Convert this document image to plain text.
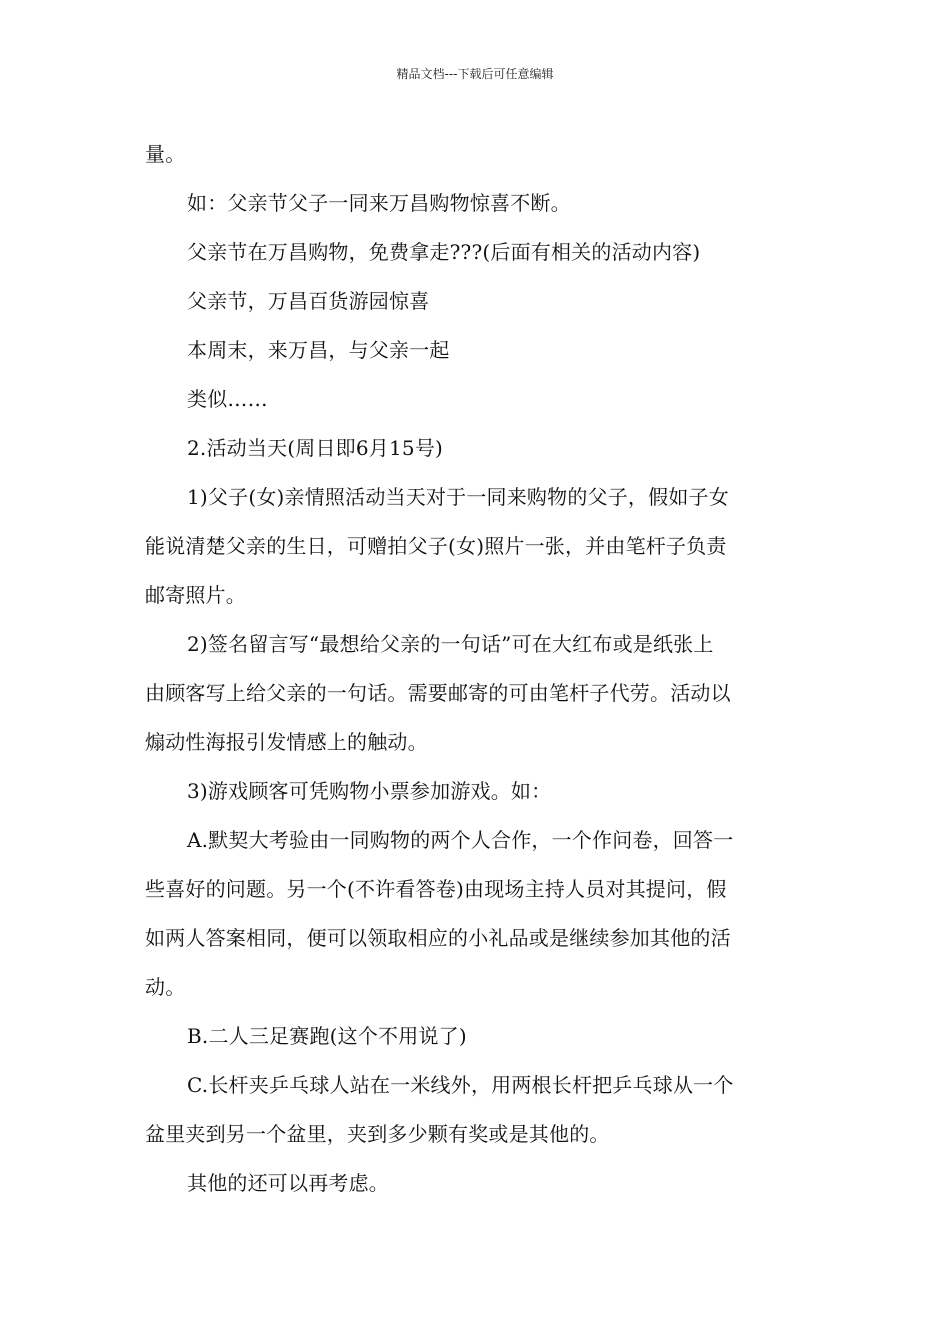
精品文档---下载后可任意编辑
量。
如：父亲节父子一同来万昌购物惊喜不断。
父亲节在万昌购物，免费拿走???(后面有相关的活动内容)
父亲节，万昌百货游园惊喜
本周末，来万昌，与父亲一起
类似……
2.活动当天(周日即6月15号)
1)父子(女)亲情照活动当天对于一同来购物的父子，假如子女
能说清楚父亲的生日，可赠拍父子(女)照片一张，并由笔杆子负责
邮寄照片。
2)签名留言写“最想给父亲的一句话”可在大红布或是纸张上
由顾客写上给父亲的一句话。需要邮寄的可由笔杆子代劳。活动以
煽动性海报引发情感上的触动。
3)游戏顾客可凭购物小票参加游戏。如：
A.默契大考验由一同购物的两个人合作，一个作问卷，回答一
些喜好的问题。另一个(不许看答卷)由现场主持人员对其提问，假
如两人答案相同，便可以领取相应的小礼品或是继续参加其他的活
动。
B.二人三足赛跑(这个不用说了)
C.长杆夹乒乓球人站在一米线外，用两根长杆把乒乓球从一个
盆里夹到另一个盆里，夹到多少颗有奖或是其他的。
其他的还可以再考虑。
